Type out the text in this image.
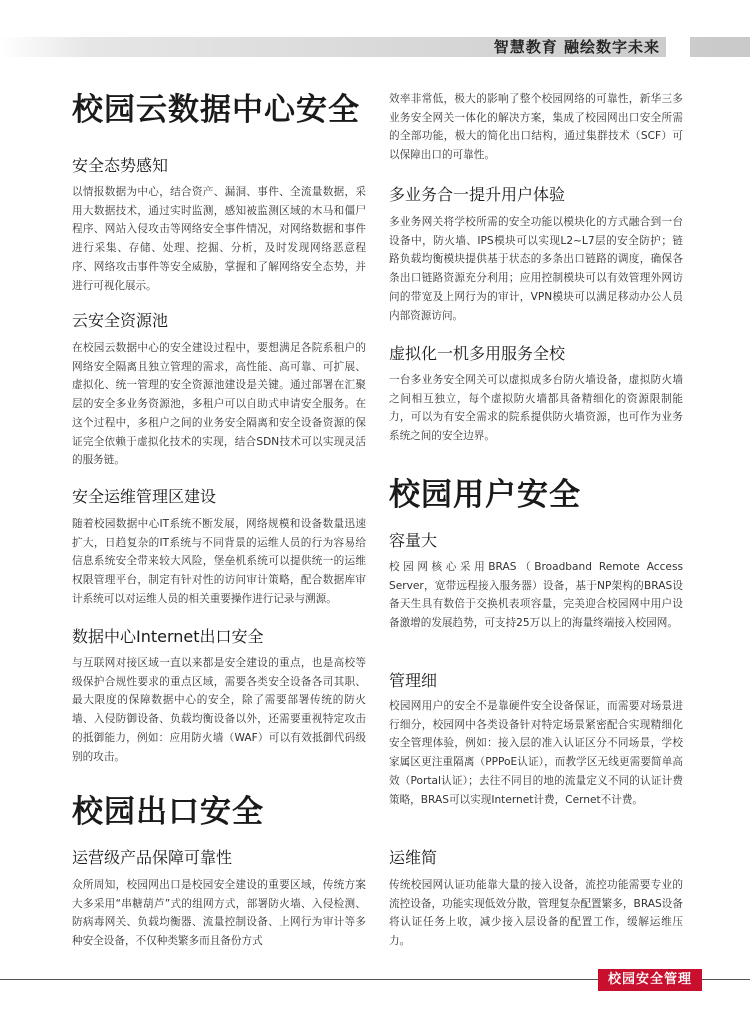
智慧教育 融绘数字未来
校园云数据中心安全
安全态势感知
以情报数据为中心，结合资产、漏洞、事件、全流量数据，采用大数据技术，通过实时监测，感知被监测区域的木马和僵尸程序、网站入侵攻击等网络安全事件情况，对网络数据和事件进行采集、存储、处理、挖掘、分析，及时发现网络恶意程序、网络攻击事件等安全威胁，掌握和了解网络安全态势，并进行可视化展示。
云安全资源池
在校园云数据中心的安全建设过程中，要想满足各院系租户的网络安全隔离且独立管理的需求，高性能、高可靠、可扩展、虚拟化、统一管理的安全资源池建设是关键。通过部署在汇聚层的安全多业务资源池，多租户可以自助式申请安全服务。在这个过程中，多租户之间的业务安全隔离和安全设备资源的保证完全依赖于虚拟化技术的实现，结合SDN技术可以实现灵活的服务链。
安全运维管理区建设
随着校园数据中心IT系统不断发展，网络规模和设备数量迅速扩大，日趋复杂的IT系统与不同背景的运维人员的行为容易给信息系统安全带来较大风险，堡垒机系统可以提供统一的运维权限管理平台，制定有针对性的访问审计策略，配合数据库审计系统可以对运维人员的相关重要操作进行记录与溯源。
数据中心Internet出口安全
与互联网对接区域一直以来都是安全建设的重点，也是高校等级保护合规性要求的重点区域，需要各类安全设备各司其职、最大限度的保障数据中心的安全，除了需要部署传统的防火墙、入侵防御设备、负载均衡设备以外，还需要重视特定攻击的抵御能力，例如：应用防火墙（WAF）可以有效抵御代码级别的攻击。
校园出口安全
运营级产品保障可靠性
众所周知，校园网出口是校园安全建设的重要区域，传统方案大多采用“串糖葫芦”式的组网方式，部署防火墙、入侵检测、防病毒网关、负载均衡器、流量控制设备、上网行为审计等多种安全设备，不仅种类繁多而且备份方式
效率非常低，极大的影响了整个校园网络的可靠性，新华三多业务安全网关一体化的解决方案，集成了校园网出口安全所需的全部功能，极大的简化出口结构，通过集群技术（SCF）可以保障出口的可靠性。
多业务合一提升用户体验
多业务网关将学校所需的安全功能以模块化的方式融合到一台设备中，防火墙、IPS模块可以实现L2~L7层的安全防护；链路负载均衡模块提供基于状态的多条出口链路的调度，确保各条出口链路资源充分利用；应用控制模块可以有效管理外网访问的带宽及上网行为的审计，VPN模块可以满足移动办公人员内部资源访问。
虚拟化一机多用服务全校
一台多业务安全网关可以虚拟成多台防火墙设备，虚拟防火墙之间相互独立，每个虚拟防火墙都具备精细化的资源限制能力，可以为有安全需求的院系提供防火墙资源，也可作为业务系统之间的安全边界。
校园用户安全
容量大
校园网核心采用BRAS（Broadband Remote Access Server，宽带远程接入服务器）设备，基于NP架构的BRAS设备天生具有数倍于交换机表项容量，完美迎合校园网中用户设备激增的发展趋势，可支持25万以上的海量终端接入校园网。
管理细
校园网用户的安全不是靠硬件安全设备保证，而需要对场景进行细分，校园网中各类设备针对特定场景紧密配合实现精细化安全管理体验，例如：接入层的准入认证区分不同场景，学校家属区更注重隔离（PPPoE认证），而教学区无线更需要简单高效（Portal认证）；去往不同目的地的流量定义不同的认证计费策略，BRAS可以实现Internet计费，Cernet不计费。
运维简
传统校园网认证功能靠大量的接入设备，流控功能需要专业的流控设备，功能实现低效分散，管理复杂配置繁多，BRAS设备将认证任务上收，减少接入层设备的配置工作，缓解运维压力。
校园安全管理
